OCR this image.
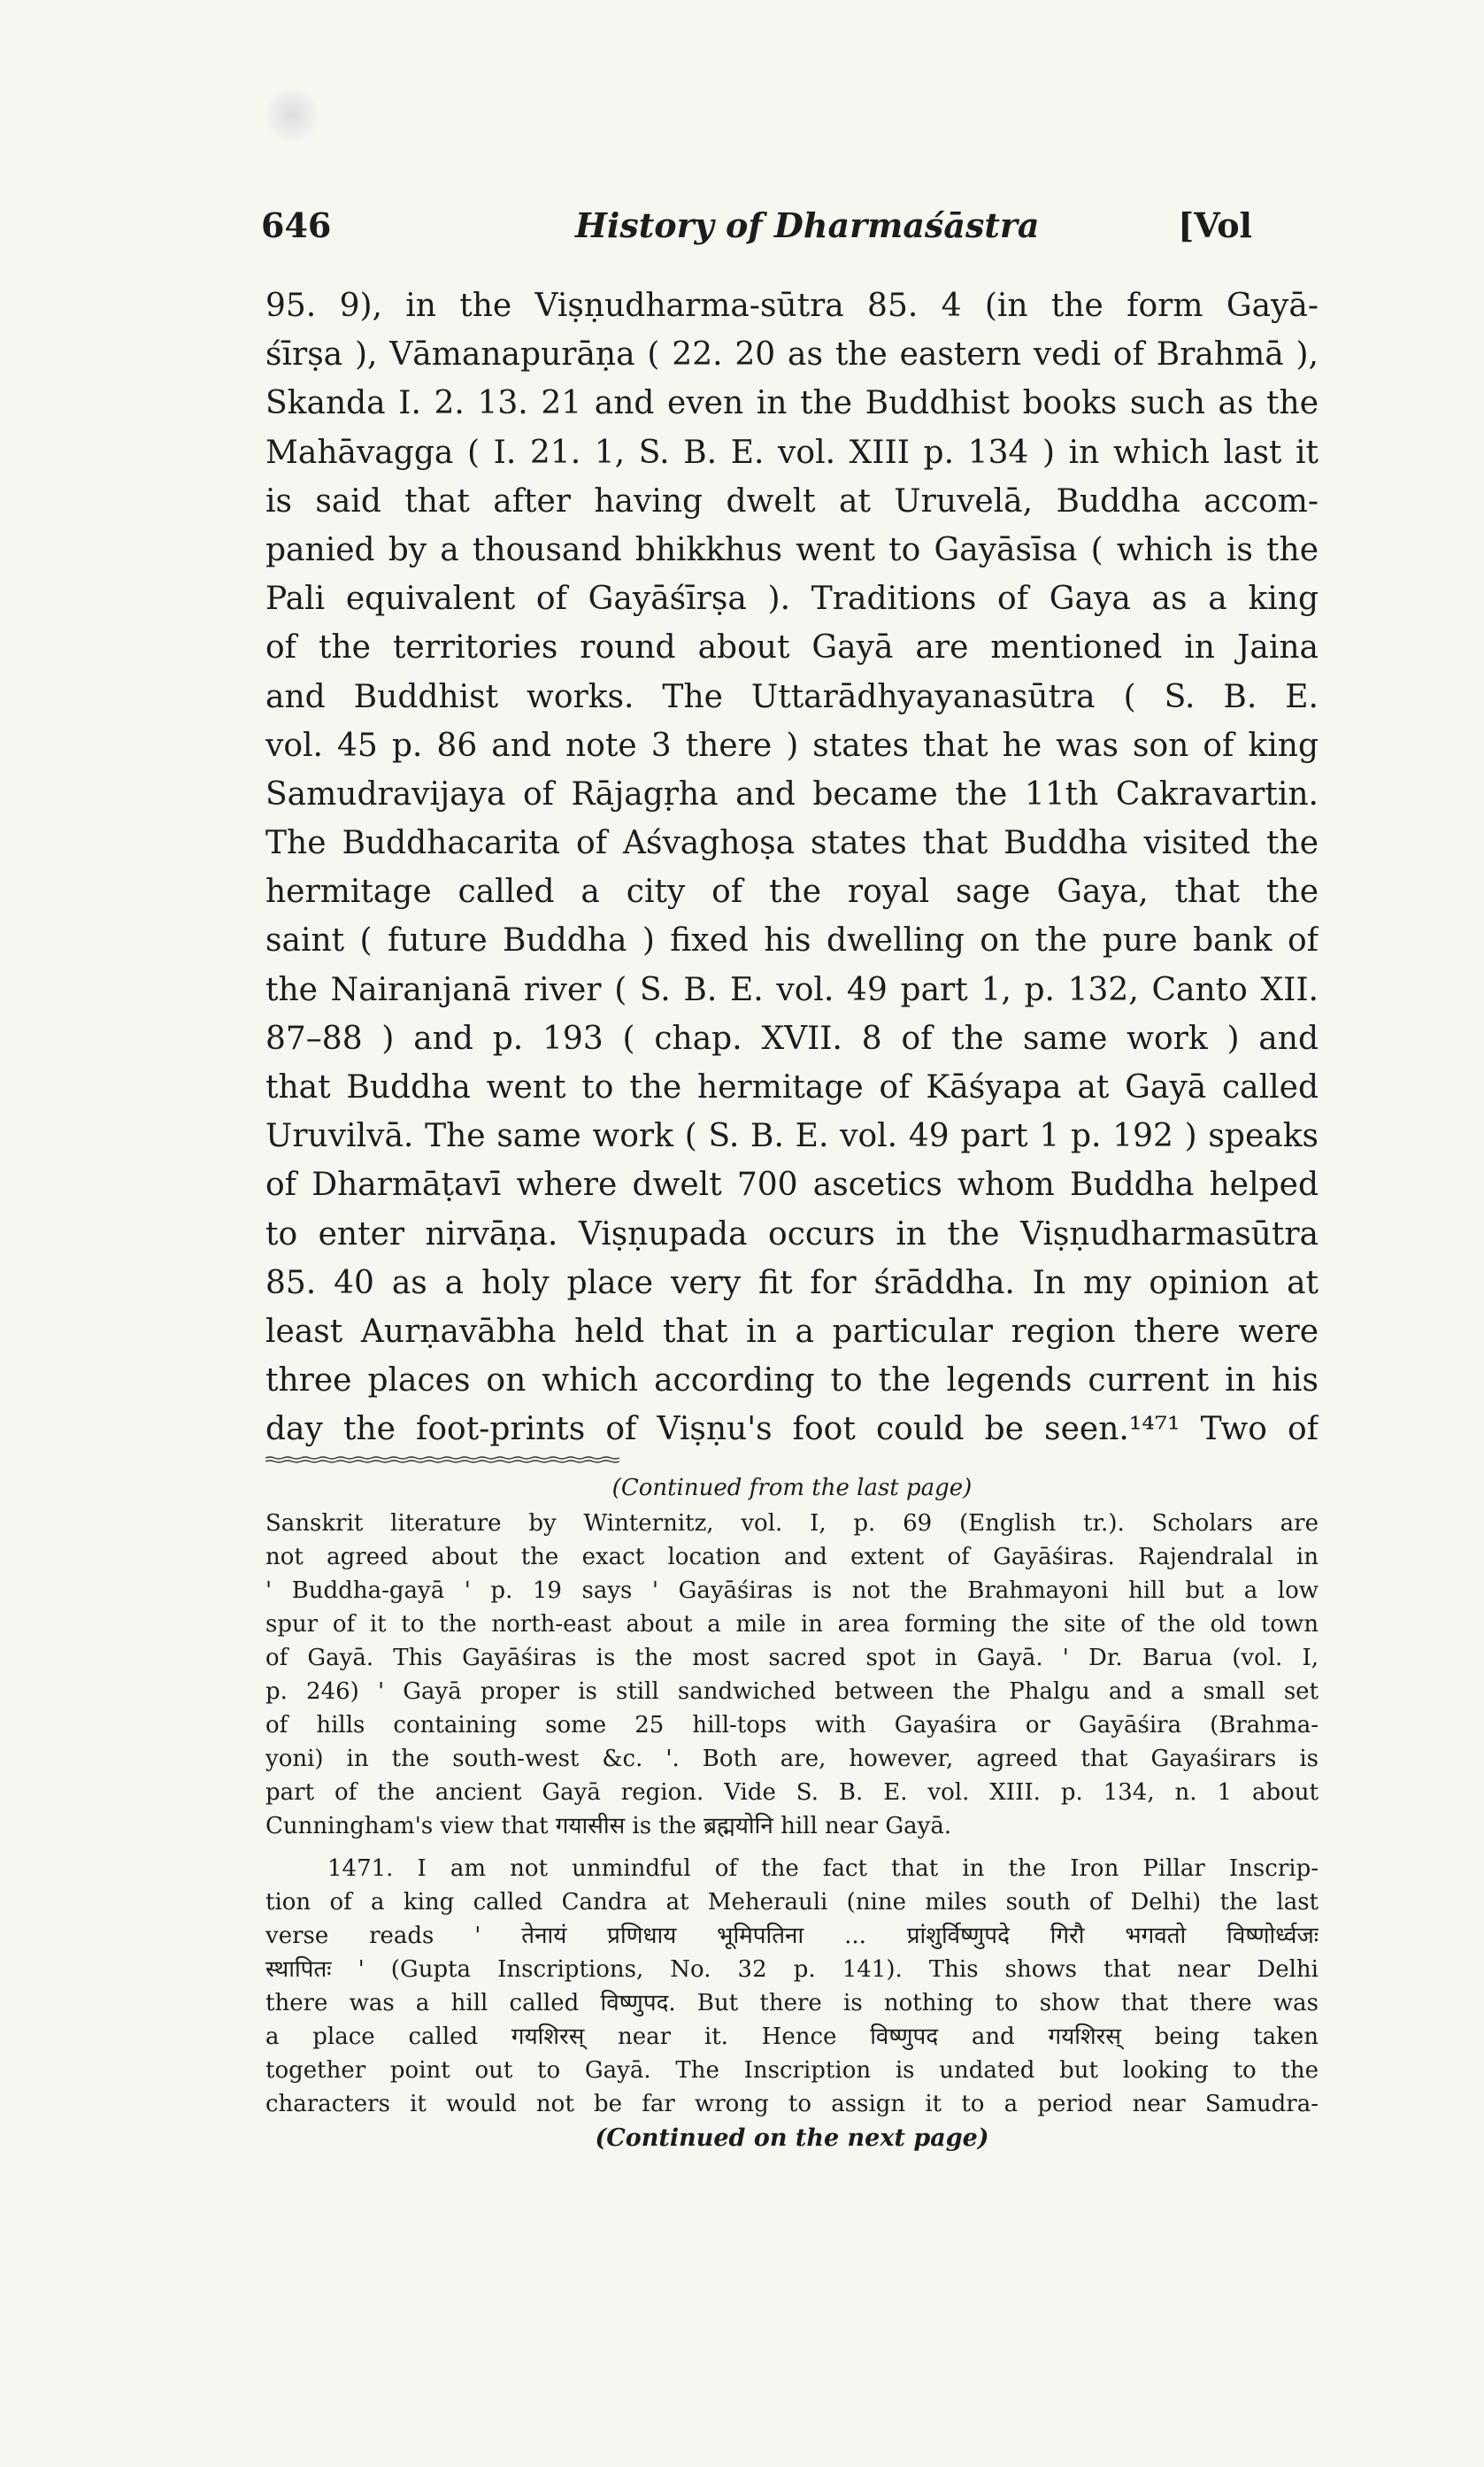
646	History of Dharmaśāstra	[Vol
95. 9), in the Viṣṇudharma-sūtra 85. 4 (in the form Gayā-
śīrṣa ), Vāmanapurāṇa ( 22. 20 as the eastern vedi of Brahmā ),
Skanda I. 2. 13. 21 and even in the Buddhist books such as the
Mahāvagga ( I. 21. 1, S. B. E. vol. XIII p. 134 ) in which last it
is said that after having dwelt at Uruvelā, Buddha accom-
panied by a thousand bhikkhus went to Gayāsīsa ( which is the
Pali equivalent of Gayāśīrṣa ). Traditions of Gaya as a king
of the territories round about Gayā are mentioned in Jaina
and Buddhist works. The Uttarādhyayanasūtra ( S. B. E.
vol. 45 p. 86 and note 3 there ) states that he was son of king
Samudravijaya of Rājagṛha and became the 11th Cakravartin.
The Buddhacarita of Aśvaghoṣa states that Buddha visited the
hermitage called a city of the royal sage Gaya, that the
saint ( future Buddha ) fixed his dwelling on the pure bank of
the Nairanjanā river ( S. B. E. vol. 49 part 1, p. 132, Canto XII.
87–88 ) and p. 193 ( chap. XVII. 8 of the same work ) and
that Buddha went to the hermitage of Kāśyapa at Gayā called
Uruvilvā. The same work ( S. B. E. vol. 49 part 1 p. 192 ) speaks
of Dharmāṭavī where dwelt 700 ascetics whom Buddha helped
to enter nirvāṇa. Viṣṇupada occurs in the Viṣṇudharmasūtra
85. 40 as a holy place very fit for śrāddha. In my opinion at
least Aurṇavābha held that in a particular region there were
three places on which according to the legends current in his
day the foot-prints of Viṣṇu's foot could be seen.¹⁴⁷¹ Two of
(Continued from the last page)
Sanskrit literature by Winternitz, vol. I, p. 69 (English tr.). Scholars are
not agreed about the exact location and extent of Gayāśiras. Rajendralal in
' Buddha-gayā ' p. 19 says ' Gayāśiras is not the Brahmayoni hill but a low
spur of it to the north-east about a mile in area forming the site of the old town
of Gayā. This Gayāśiras is the most sacred spot in Gayā. ' Dr. Barua (vol. I,
p. 246) ' Gayā proper is still sandwiched between the Phalgu and a small set
of hills containing some 25 hill-tops with Gayaśira or Gayāśira (Brahma-
yoni) in the south-west &c. '. Both are, however, agreed that Gayaśirars is
part of the ancient Gayā region. Vide S. B. E. vol. XIII. p. 134, n. 1 about
Cunningham's view that गयासीस is the ब्रह्मयोनि hill near Gayā.
1471. I am not unmindful of the fact that in the Iron Pillar Inscrip-
tion of a king called Candra at Meherauli (nine miles south of Delhi) the last
verse reads ' तेनायं प्रणिधाय भूमिपतिना ... प्रांशुर्विष्णुपदे गिरौ भगवतो विष्णोर्ध्वजः
स्थापितः ' (Gupta Inscriptions, No. 32 p. 141). This shows that near Delhi
there was a hill called विष्णुपद. But there is nothing to show that there was
a place called गयशिरस् near it. Hence विष्णुपद and गयशिरस् being taken
together point out to Gayā. The Inscription is undated but looking to the
characters it would not be far wrong to assign it to a period near Samudra-
(Continued on the next page)
